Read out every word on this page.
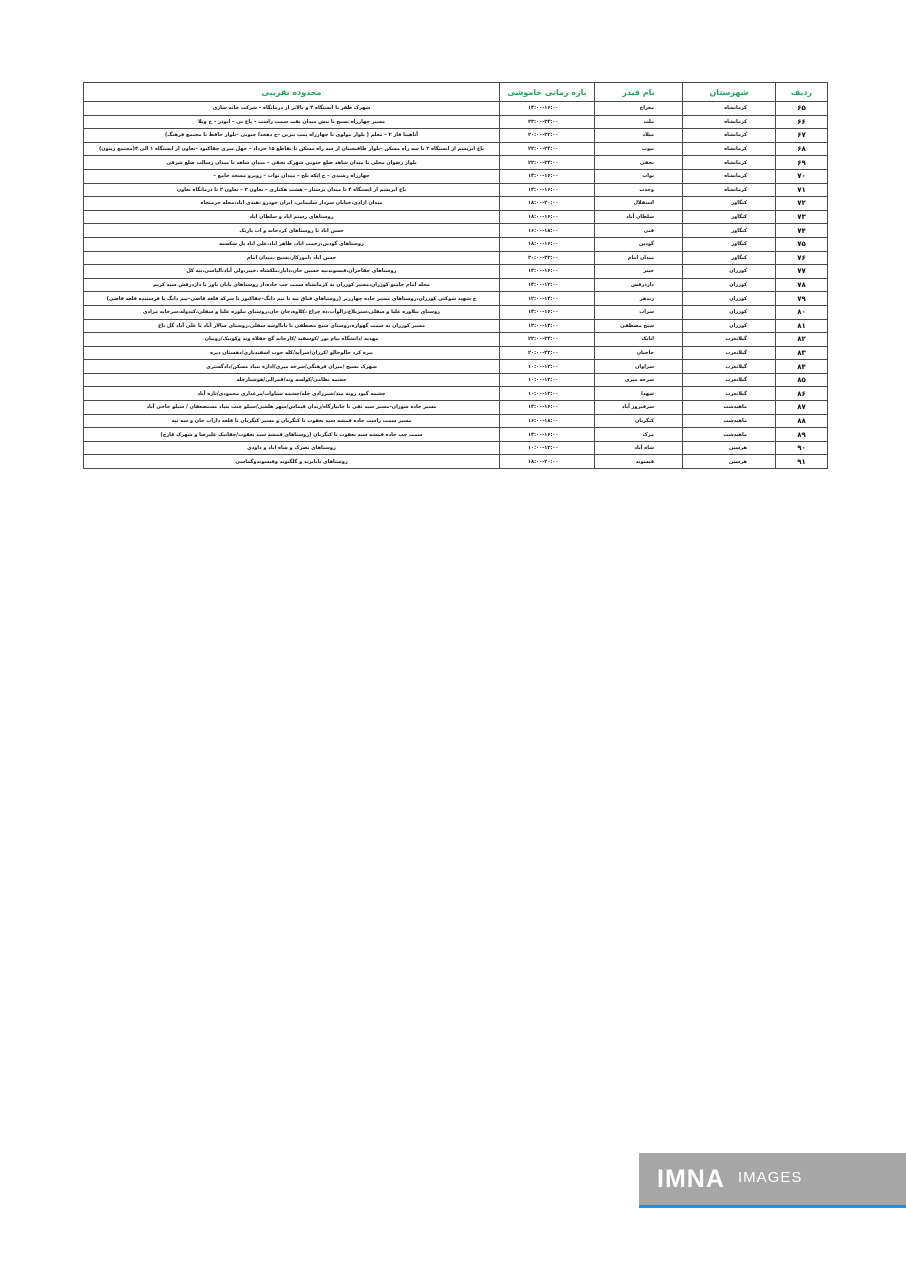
ردیف	شهرستان	نام فیدر	بازه زمانی خاموشی	محدوده تقریبی
۶۵	کرمانشاه	معراج	۱۴:۰۰-۱۶:۰۰	شهرک ظفر تا ایستگاه ۴ و بالاتر از درمانگاه – شرکت خانه سازی
۶۶	کرمانشاه	ملت	۲۲:۰۰-۲۴:۰۰	مسیر چهارراه بسیج تا نبش میدان نفت سمت راست – باغ نی – ابوذر – خ ویلا
۶۷	کرمانشاه	میلاد	۲۰:۰۰-۲۲:۰۰	آتاهیتا فاز ۲ – معلم ( بلوار مولوی تا چهارراه پمپ بنزین –خ دهخدا جنوبی –بلوار حافظ تا مجتمع فرهنگ)
۶۸	کرمانشاه	نیوت	۲۲:۰۰-۲۴:۰۰	باغ ابریشم از ایستگاه ۲ تا سه راه مسکن –بلوار طاقبستان از سه راه مسکن تا تقاطع ۱۵ خرداد – چهل متری چقاکبود –تعاون از ایستگاه ۱ الی ۴(مجتمع زیتون)
۶۹	کرمانشاه	نجفی	۲۲:۰۰-۲۴:۰۰	بلوار رضوان محلی تا میدان شاهد ضلع جنوبی شهرک نجفی – میدان شاهد تا میدان رسالت ضلع شرقی
۷۰	کرمانشاه	نواب	۱۴:۰۰-۱۶:۰۰	چهارراه رشیدی – خ اتکه تلخ – میدان نواب – روبرو مسجد جامع –
۷۱	کرمانشاه	وحدت	۱۴:۰۰-۱۶:۰۰	باغ ابریشم از ایستگاه ۴ تا میدان پرستار – هشت هکتاری – تعاون ۳ – تعاون ۲ تا درمانگاه تعاون
۷۲	کنگاور	استقلال	۱۸:۰۰-۲۰:۰۰	میدان ازادی،خیابان سردار سلیمانی، ایران خودرو ،هندی اباد،محله خرمنجاه
۷۳	کنگاور	سلطان آباد	۱۸:۰۰-۱۶:۰۰	روستاهای رستم اباد و سلطان اباد
۷۴	کنگاور	قنی	۱۶:۰۰-۱۸:۰۰	حسن اباد تا روستاهای کردخانه و اب باریک
۷۵	کنگاور	گودین	۱۸:۰۰-۱۶:۰۰	روستاهای گودین،رحمت اباد، ظاهر اباد،علی اباد پل شکسته
۷۶	کنگاور	میدان امام	۲۰:۰۰-۲۲:۰۰	حسن اباد ،اموزکار،بسیج ،میدان امام
۷۷	کوزران	خیبر	۱۴:۰۰-۱۶:۰۰	روستاهای چقاخزان،قیسوندنیه حسین خان،دابار،ملکشاه ،خیبر،ولی آباد،الیاسی،نیه کل
۷۸	کوزران	داردرقش	۱۴:۰۰-۱۲:۰۰	محله امام خامنو کوزران،مسیر کوزران به کرمانشاه سمت چپ جاده،از روستاهای بابان باور تا داردرقش سید کریم
۷۹	کوزران	زندهر	۱۲:۰۰-۱۴:۰۰	خ شهید شوکتی کوزران،روستاهای مسیر جاده چهارزبر (روستاهای قباق تپه تا نیم دانگ–چقاکبوز تا سرکه قلعه قاضی–نیم دانگ تا فرستنده قلعه قاضی)
۸۰	کوزران	سراب	۱۴:۰۰-۱۶:۰۰	روستای نیلاوره علیا و سفلی،سبزبلاغ،زالوآب،ده چراغ ،کلاوه،جان جان،روستای نیلوره علیا و سفلی،کندوله،سرخانه مرادی
۸۱	کوزران	شیخ مصطفی	۱۲:۰۰-۱۴:۰۰	مسیر کوزران به سمت گهواره،روستای شیخ مصطفی تا بابااوسه سفلی،روستای سالار آباد تا علی آباد گل باغ
۸۲	گیلانغرب	اتابک	۲۲:۰۰-۲۴:۰۰	مهدیه /دانشگاه پیام نور /کوسفید /کارخانه گچ چقلاه وند وکونیک/روبیان
۸۳	گیلانغرب	حاجیان	۲۰:۰۰-۲۲:۰۰	بیره کرد خالوخالو /کرزان/سرآبه/کله جوب اسفندیاری/دهستان دیره
۸۴	گیلانغرب	سراوان	۱۰:۰۰-۱۲:۰۰	شهرک بسیج /میران فرهنگی/سرخه میری/اداره بنیاد مسکن/دادگستری
۸۵	گیلانغرب	سرخه میری	۱۰:۰۰-۱۲:۰۰	چشمه نظامی/کولسه وند/قمرالی/هوشیارچله
۸۶	گیلانغرب	شهدا	۱۰:۰۰-۱۲:۰۰	چشمه گبود روته مند/شیرزادی چله/چشمه ستاوات/مرغداری محمودی/تازه آباد
۸۷	ماهیدشت	سرفیروز آباد	۱۴:۰۰-۱۶:۰۰	مسیر جاده شوران–مسیر سید نقی تا جانبازگاه/زندان قیماس/شهر هلشی/سیلو جنب بنیاد مستضعفان / سیلو حاجی آباد
۸۸	ماهیدشت	کنگربان	۱۶:۰۰-۱۸:۰۰	مسیر سمت راست جاده قمشه سید یعقوب تا کنگربان و مسیر کنگربان تا قلعه داراب خان و سه تپه
۸۹	ماهیدشت	مرک	۱۴:۰۰-۱۶:۰۰	سمت چپ جاده قمشه سید یعقوب تا کنگربان (روستاهای قمشه سید یعقوب/چقانیک علیرضا و شهرک فارج)
۹۰	هرسین	شاه آباد	۱۰:۰۰-۱۲:۰۰	روستاهای نصرک و شاه اباد و داودی
۹۱	هرسین	قیسوند	۱۸:۰۰-۲۰:۰۰	روستاهای بابایزید و گلگنوند وقیسوندوگماسی
IMNA IMAGES
